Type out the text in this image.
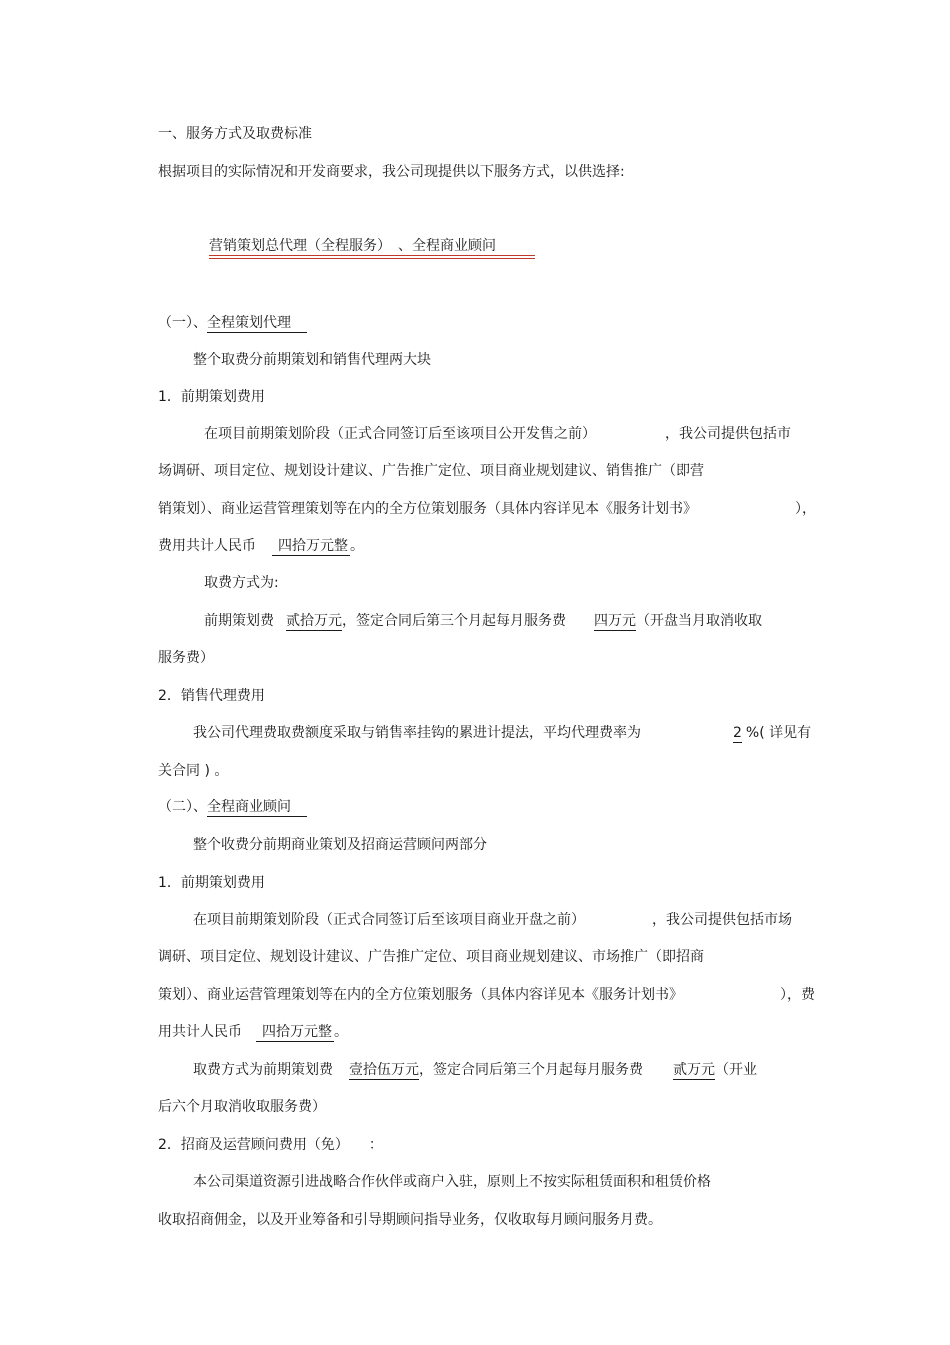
一、服务方式及取费标准
根据项目的实际情况和开发商要求，我公司现提供以下服务方式，以供选择:
营销策划总代理（全程服务）　、全程商业顾问
（一）、全程策划代理
整个取费分前期策划和销售代理两大块
1．前期策划费用
在项目前期策划阶段（正式合同签订后至该项目公开发售之前）	，我公司提供包括市
场调研、项目定位、规划设计建议、广告推广定位、项目商业规划建议、销售推广（即营
销策划）、商业运营管理策划等在内的全方位策划服务（具体内容详见本《服务计划书》	），
费用共计人民币 四拾万元整 。
取费方式为:
前期策划费 贰拾万元，签定合同后第三个月起每月服务费 四万元（开盘当月取消收取
服务费）
2．销售代理费用
我公司代理费取费额度采取与销售率挂钩的累进计提法，平均代理费率为	2 %( 详见有
关合同 ) 。
（二）、全程商业顾问
整个收费分前期商业策划及招商运营顾问两部分
1．前期策划费用
在项目前期策划阶段（正式合同签订后至该项目商业开盘之前）	，我公司提供包括市场
调研、项目定位、规划设计建议、广告推广定位、项目商业规划建议、市场推广（即招商
策划）、商业运营管理策划等在内的全方位策划服务（具体内容详见本《服务计划书》	），费
用共计人民币 四拾万元整 。
取费方式为前期策划费 壹拾伍万元，签定合同后第三个月起每月服务费 贰万元（开业
后六个月取消收取服务费）
2．招商及运营顾问费用（免） ：
本公司渠道资源引进战略合作伙伴或商户入驻，原则上不按实际租赁面积和租赁价格
收取招商佣金，以及开业筹备和引导期顾问指导业务，仅收取每月顾问服务月费。
